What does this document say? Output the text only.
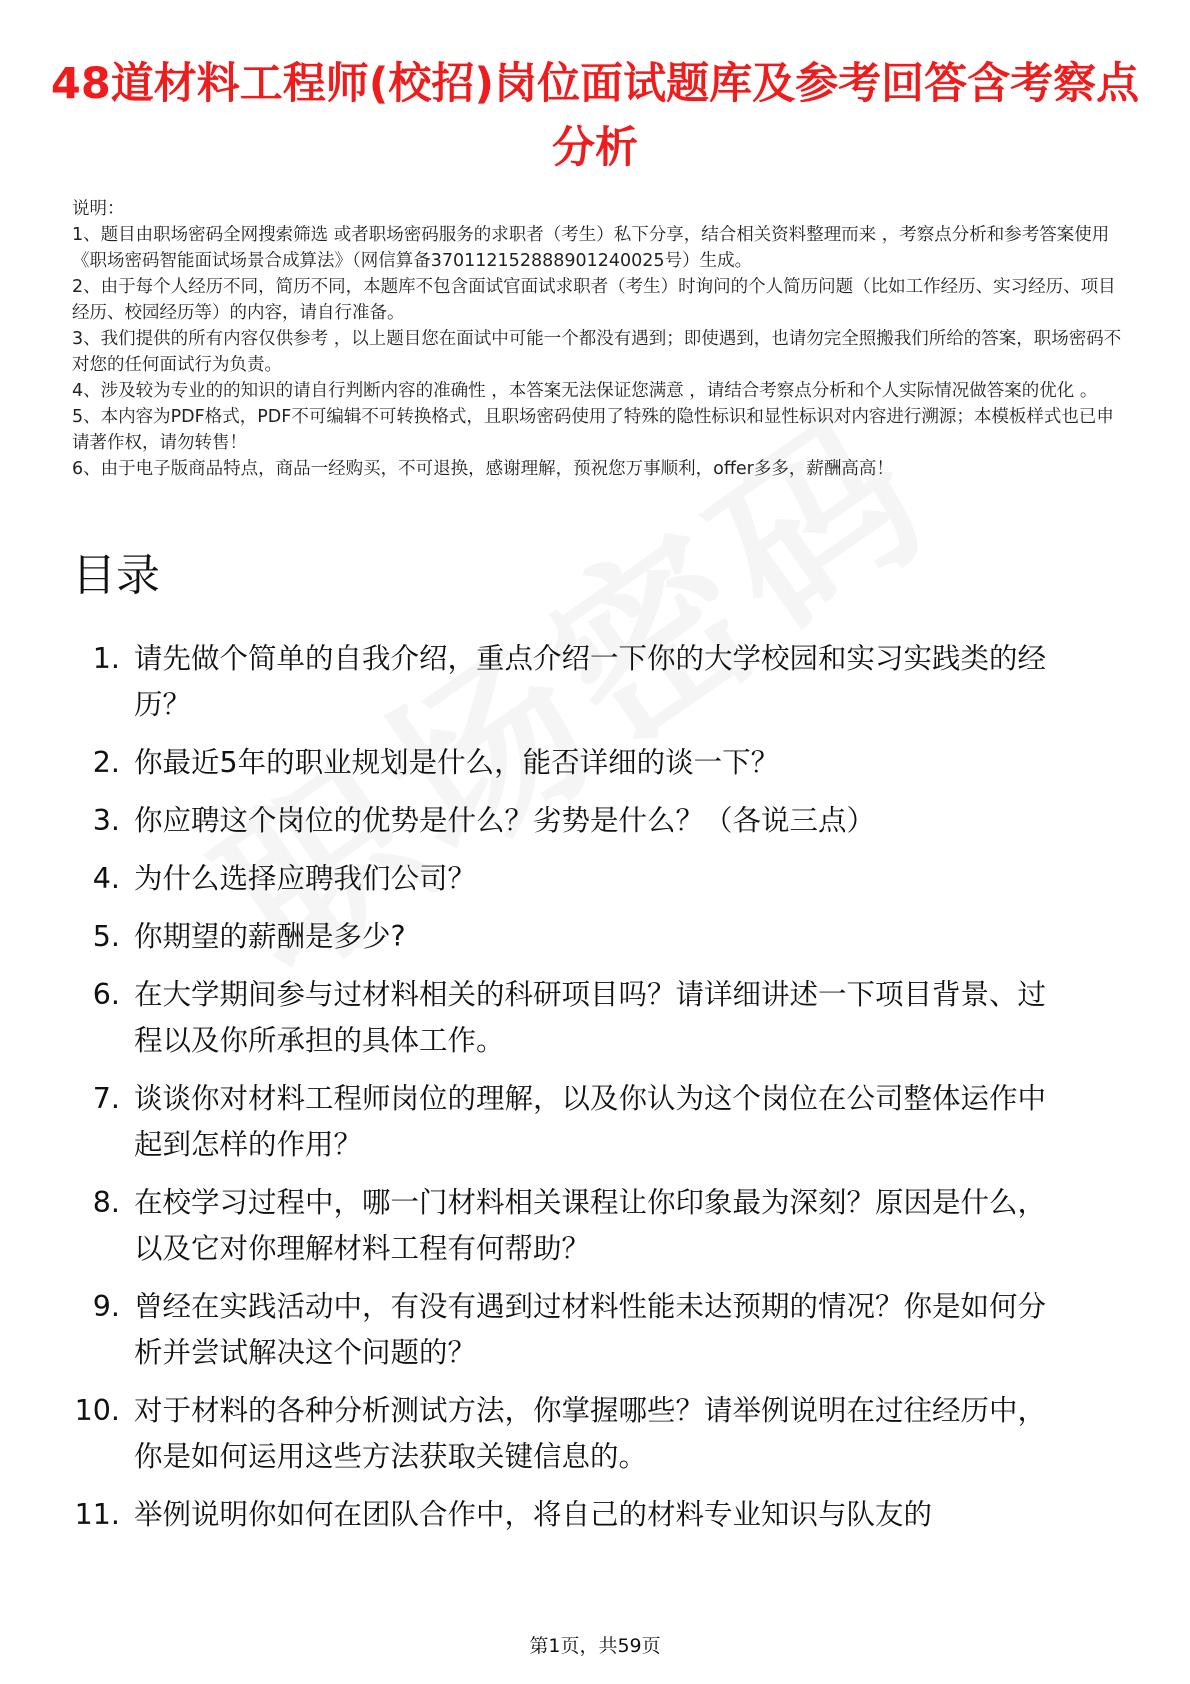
48道材料工程师(校招)岗位面试题库及参考回答含考察点分析
说明：
1、题目由职场密码全网搜索筛选 或者职场密码服务的求职者（考生）私下分享，结合相关资料整理而来 ，考察点分析和参考答案使用《职场密码智能面试场景合成算法》（网信算备370112152888901240025号）生成。
2、由于每个人经历不同，简历不同，本题库不包含面试官面试求职者（考生）时询问的个人简历问题（比如工作经历、实习经历、项目经历、校园经历等）的内容，请自行准备。
3、我们提供的所有内容仅供参考 ，以上题目您在面试中可能一个都没有遇到；即使遇到，也请勿完全照搬我们所给的答案，职场密码不对您的任何面试行为负责。
4、涉及较为专业的的知识的请自行判断内容的准确性 ，本答案无法保证您满意 ，请结合考察点分析和个人实际情况做答案的优化 。
5、本内容为PDF格式，PDF不可编辑不可转换格式，且职场密码使用了特殊的隐性标识和显性标识对内容进行溯源；本模板样式也已申请著作权，请勿转售！
6、由于电子版商品特点，商品一经购买，不可退换，感谢理解，预祝您万事顺利，offer多多，薪酬高高！
目录
1. 请先做个简单的自我介绍，重点介绍一下你的大学校园和实习实践类的经历？
2. 你最近5年的职业规划是什么，能否详细的谈一下？
3. 你应聘这个岗位的优势是什么？劣势是什么？（各说三点）
4. 为什么选择应聘我们公司？
5. 你期望的薪酬是多少?
6. 在大学期间参与过材料相关的科研项目吗？请详细讲述一下项目背景、过程以及你所承担的具体工作。
7. 谈谈你对材料工程师岗位的理解，以及你认为这个岗位在公司整体运作中起到怎样的作用？
8. 在校学习过程中，哪一门材料相关课程让你印象最为深刻？原因是什么，以及它对你理解材料工程有何帮助？
9. 曾经在实践活动中，有没有遇到过材料性能未达预期的情况？你是如何分析并尝试解决这个问题的？
10. 对于材料的各种分析测试方法，你掌握哪些？请举例说明在过往经历中，你是如何运用这些方法获取关键信息的。
11. 举例说明你如何在团队合作中，将自己的材料专业知识与队友的
第1页，共59页
